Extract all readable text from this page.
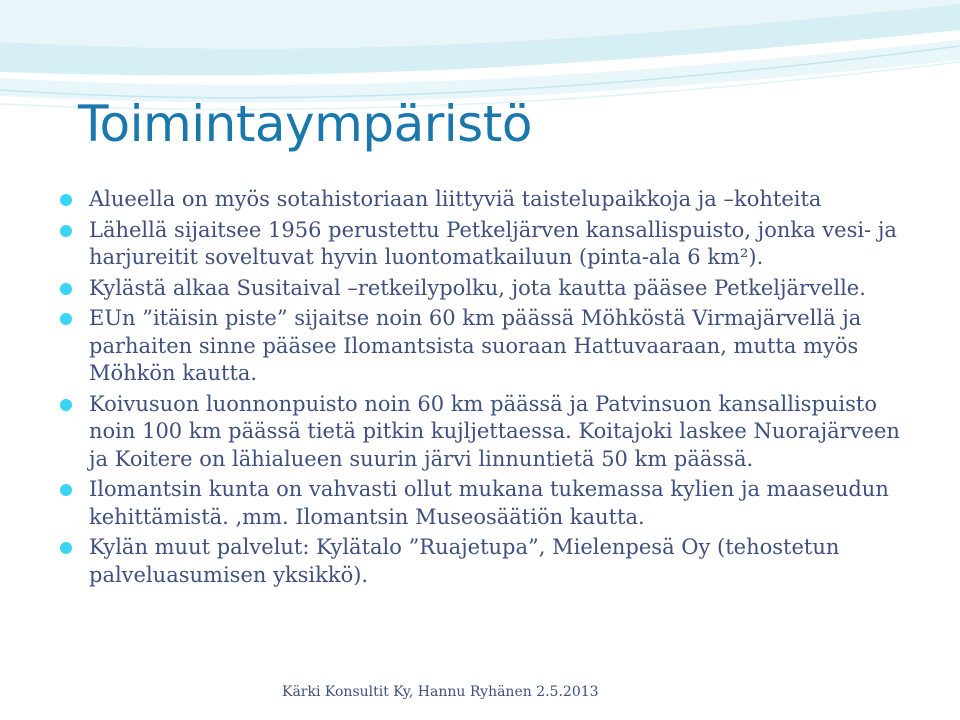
Toimintaympäristö
Alueella on myös sotahistoriaan liittyviä taistelupaikkoja ja –kohteita
Lähellä sijaitsee 1956 perustettu Petkeljärven kansallispuisto, jonka vesi- ja harjureitit soveltuvat hyvin luontomatkailuun (pinta-ala 6 km²).
Kylästä alkaa Susitaival –retkeilypolku, jota kautta pääsee Petkeljärvelle.
EUn ”itäisin piste” sijaitse noin 60 km päässä Möhköstä Virmajärvellä ja parhaiten sinne pääsee Ilomantsista suoraan Hattuvaaraan, mutta myös Möhkön kautta.
Koivusuon luonnonpuisto noin 60 km päässä ja Patvinsuon kansallispuisto noin 100 km päässä tietä pitkin kujljettaessa. Koitajoki laskee Nuorajärveen ja Koitere on lähialueen suurin järvi linnuntietä 50 km päässä.
Ilomantsin kunta on vahvasti ollut mukana tukemassa kylien ja maaseudun kehittämistä. ,mm. Ilomantsin Museosäätiön kautta.
Kylän muut palvelut: Kylätalo ”Ruajetupa”, Mielenpesä Oy (tehostetun palveluasumisen yksikkö).
Kärki Konsultit Ky, Hannu Ryhänen 2.5.2013
